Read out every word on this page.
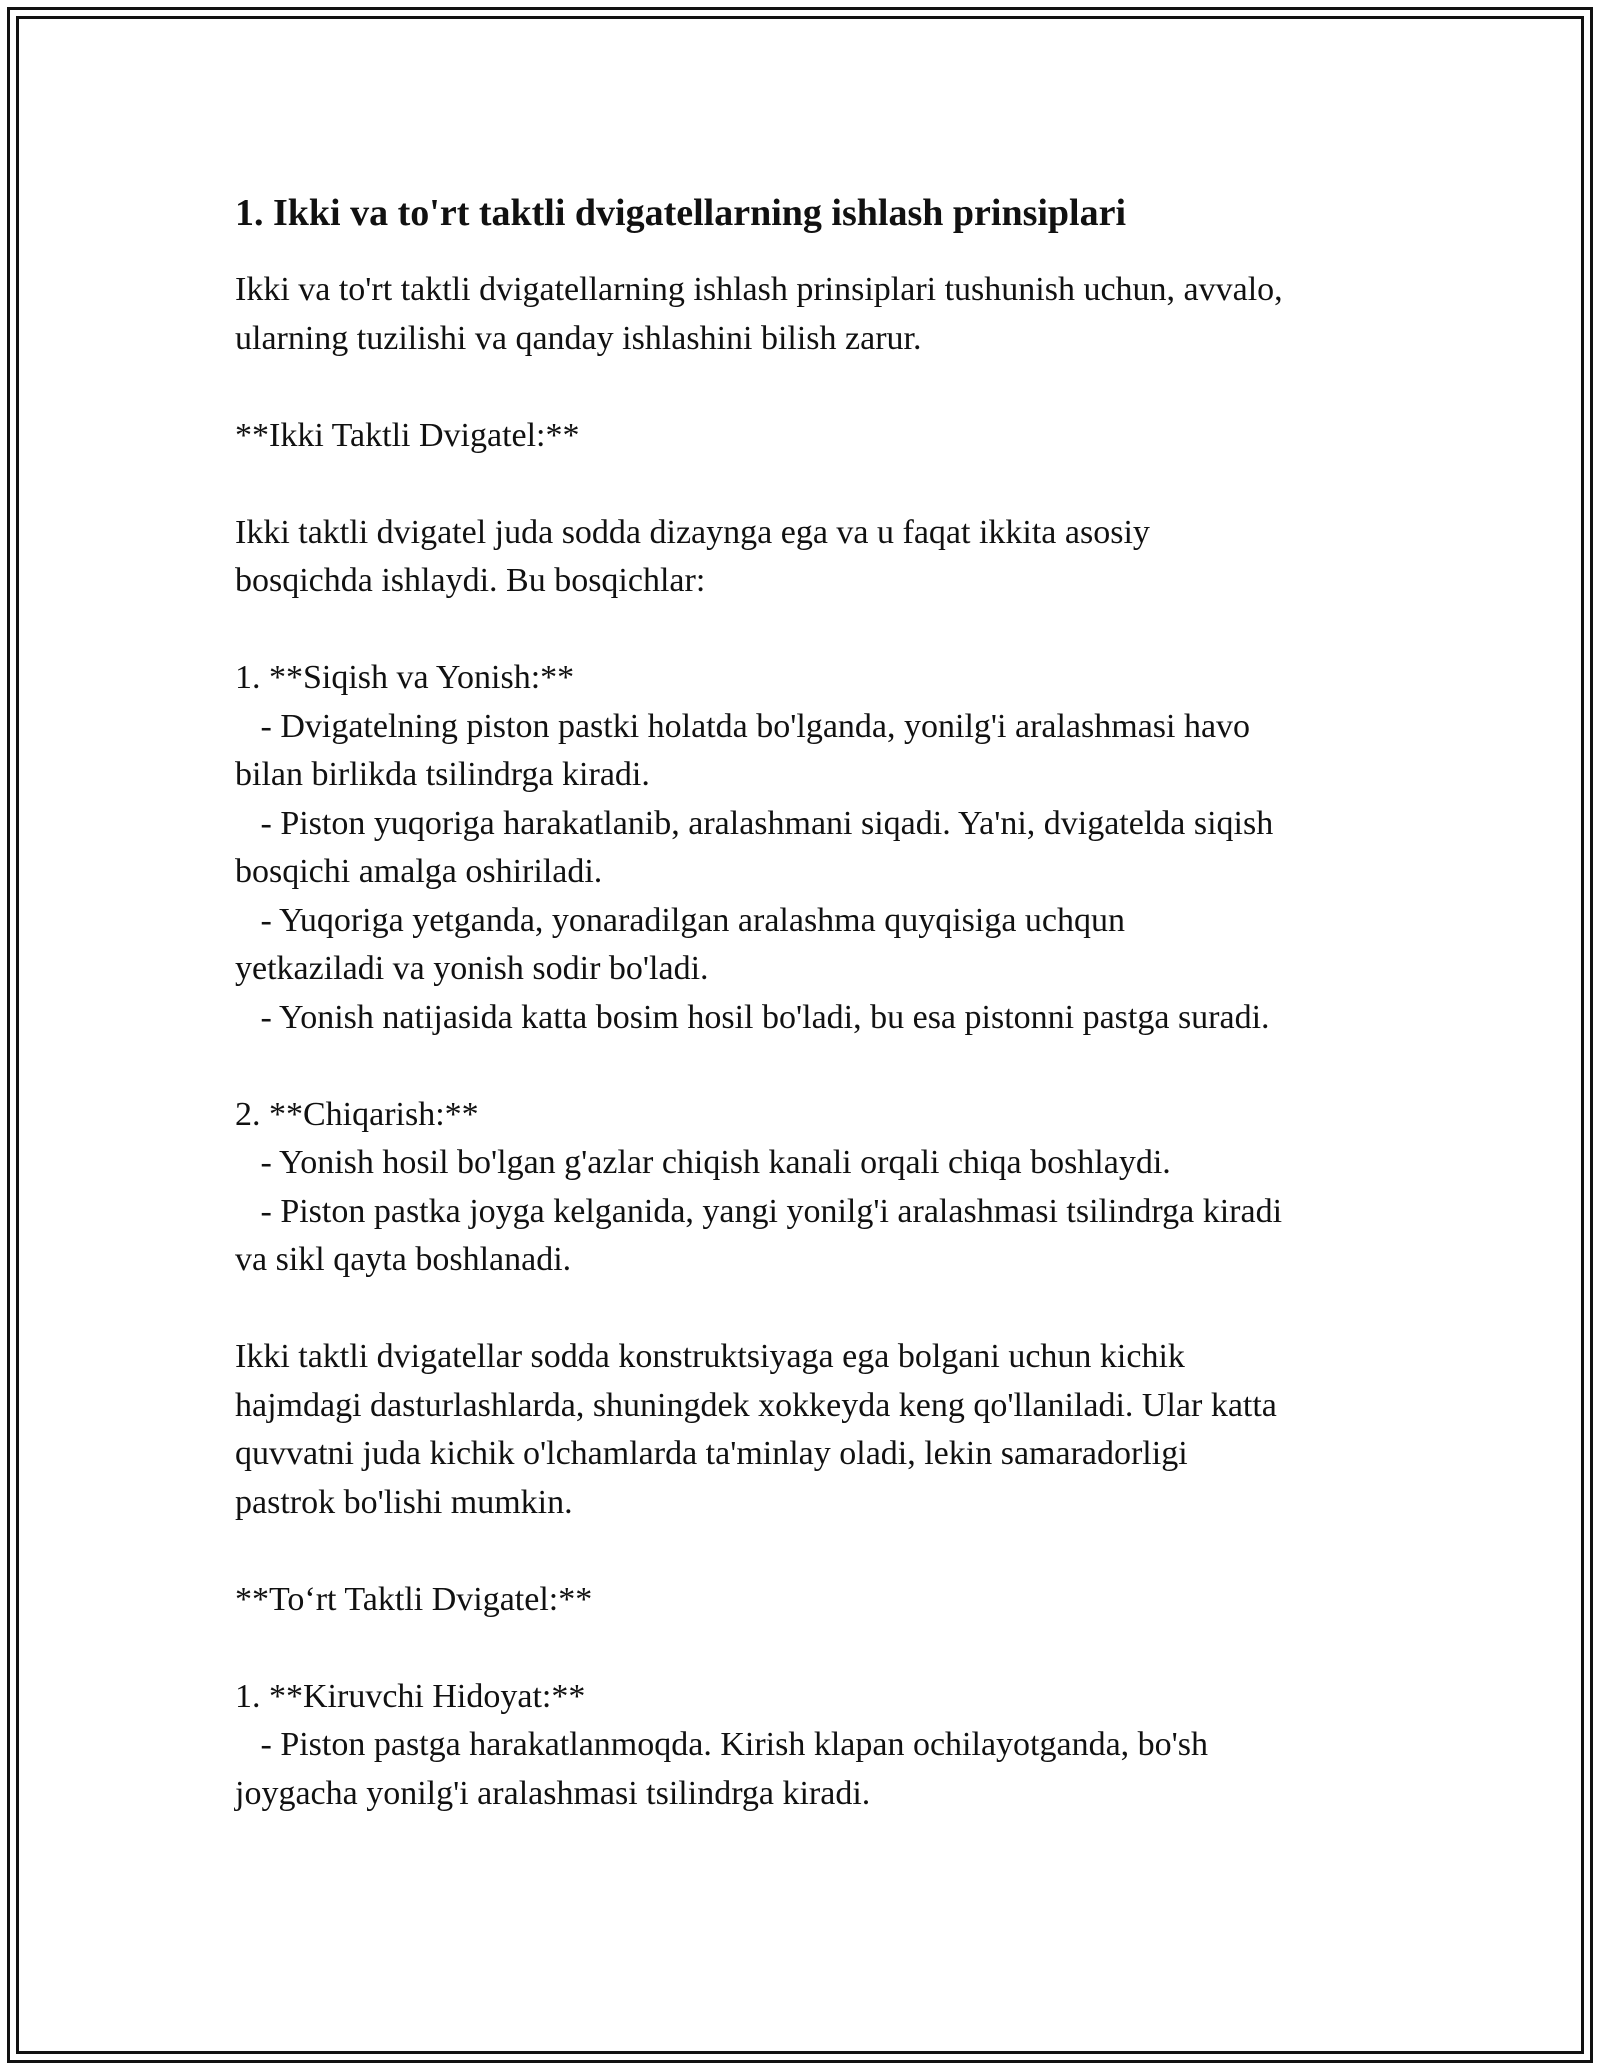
1. Ikki va to'rt taktli dvigatellarning ishlash prinsiplari
Ikki va to'rt taktli dvigatellarning ishlash prinsiplari tushunish uchun, avvalo,
ularning tuzilishi va qanday ishlashini bilish zarur.
**Ikki Taktli Dvigatel:**
Ikki taktli dvigatel juda sodda dizaynga ega va u faqat ikkita asosiy
bosqichda ishlaydi. Bu bosqichlar:
1. **Siqish va Yonish:**
- Dvigatelning piston pastki holatda bo'lganda, yonilg'i aralashmasi havo
bilan birlikda tsilindrga kiradi.
- Piston yuqoriga harakatlanib, aralashmani siqadi. Ya'ni, dvigatelda siqish
bosqichi amalga oshiriladi.
- Yuqoriga yetganda, yonaradilgan aralashma quyqisiga uchqun
yetkaziladi va yonish sodir bo'ladi.
- Yonish natijasida katta bosim hosil bo'ladi, bu esa pistonni pastga suradi.
2. **Chiqarish:**
- Yonish hosil bo'lgan g'azlar chiqish kanali orqali chiqa boshlaydi.
- Piston pastka joyga kelganida, yangi yonilg'i aralashmasi tsilindrga kiradi
va sikl qayta boshlanadi.
Ikki taktli dvigatellar sodda konstruktsiyaga ega bolgani uchun kichik
hajmdagi dasturlashlarda, shuningdek xokkeyda keng qo'llaniladi. Ular katta
quvvatni juda kichik o'lchamlarda ta'minlay oladi, lekin samaradorligi
pastrok bo'lishi mumkin.
**To‘rt Taktli Dvigatel:**
1. **Kiruvchi Hidoyat:**
- Piston pastga harakatlanmoqda. Kirish klapan ochilayotganda, bo'sh
joygacha yonilg'i aralashmasi tsilindrga kiradi.
